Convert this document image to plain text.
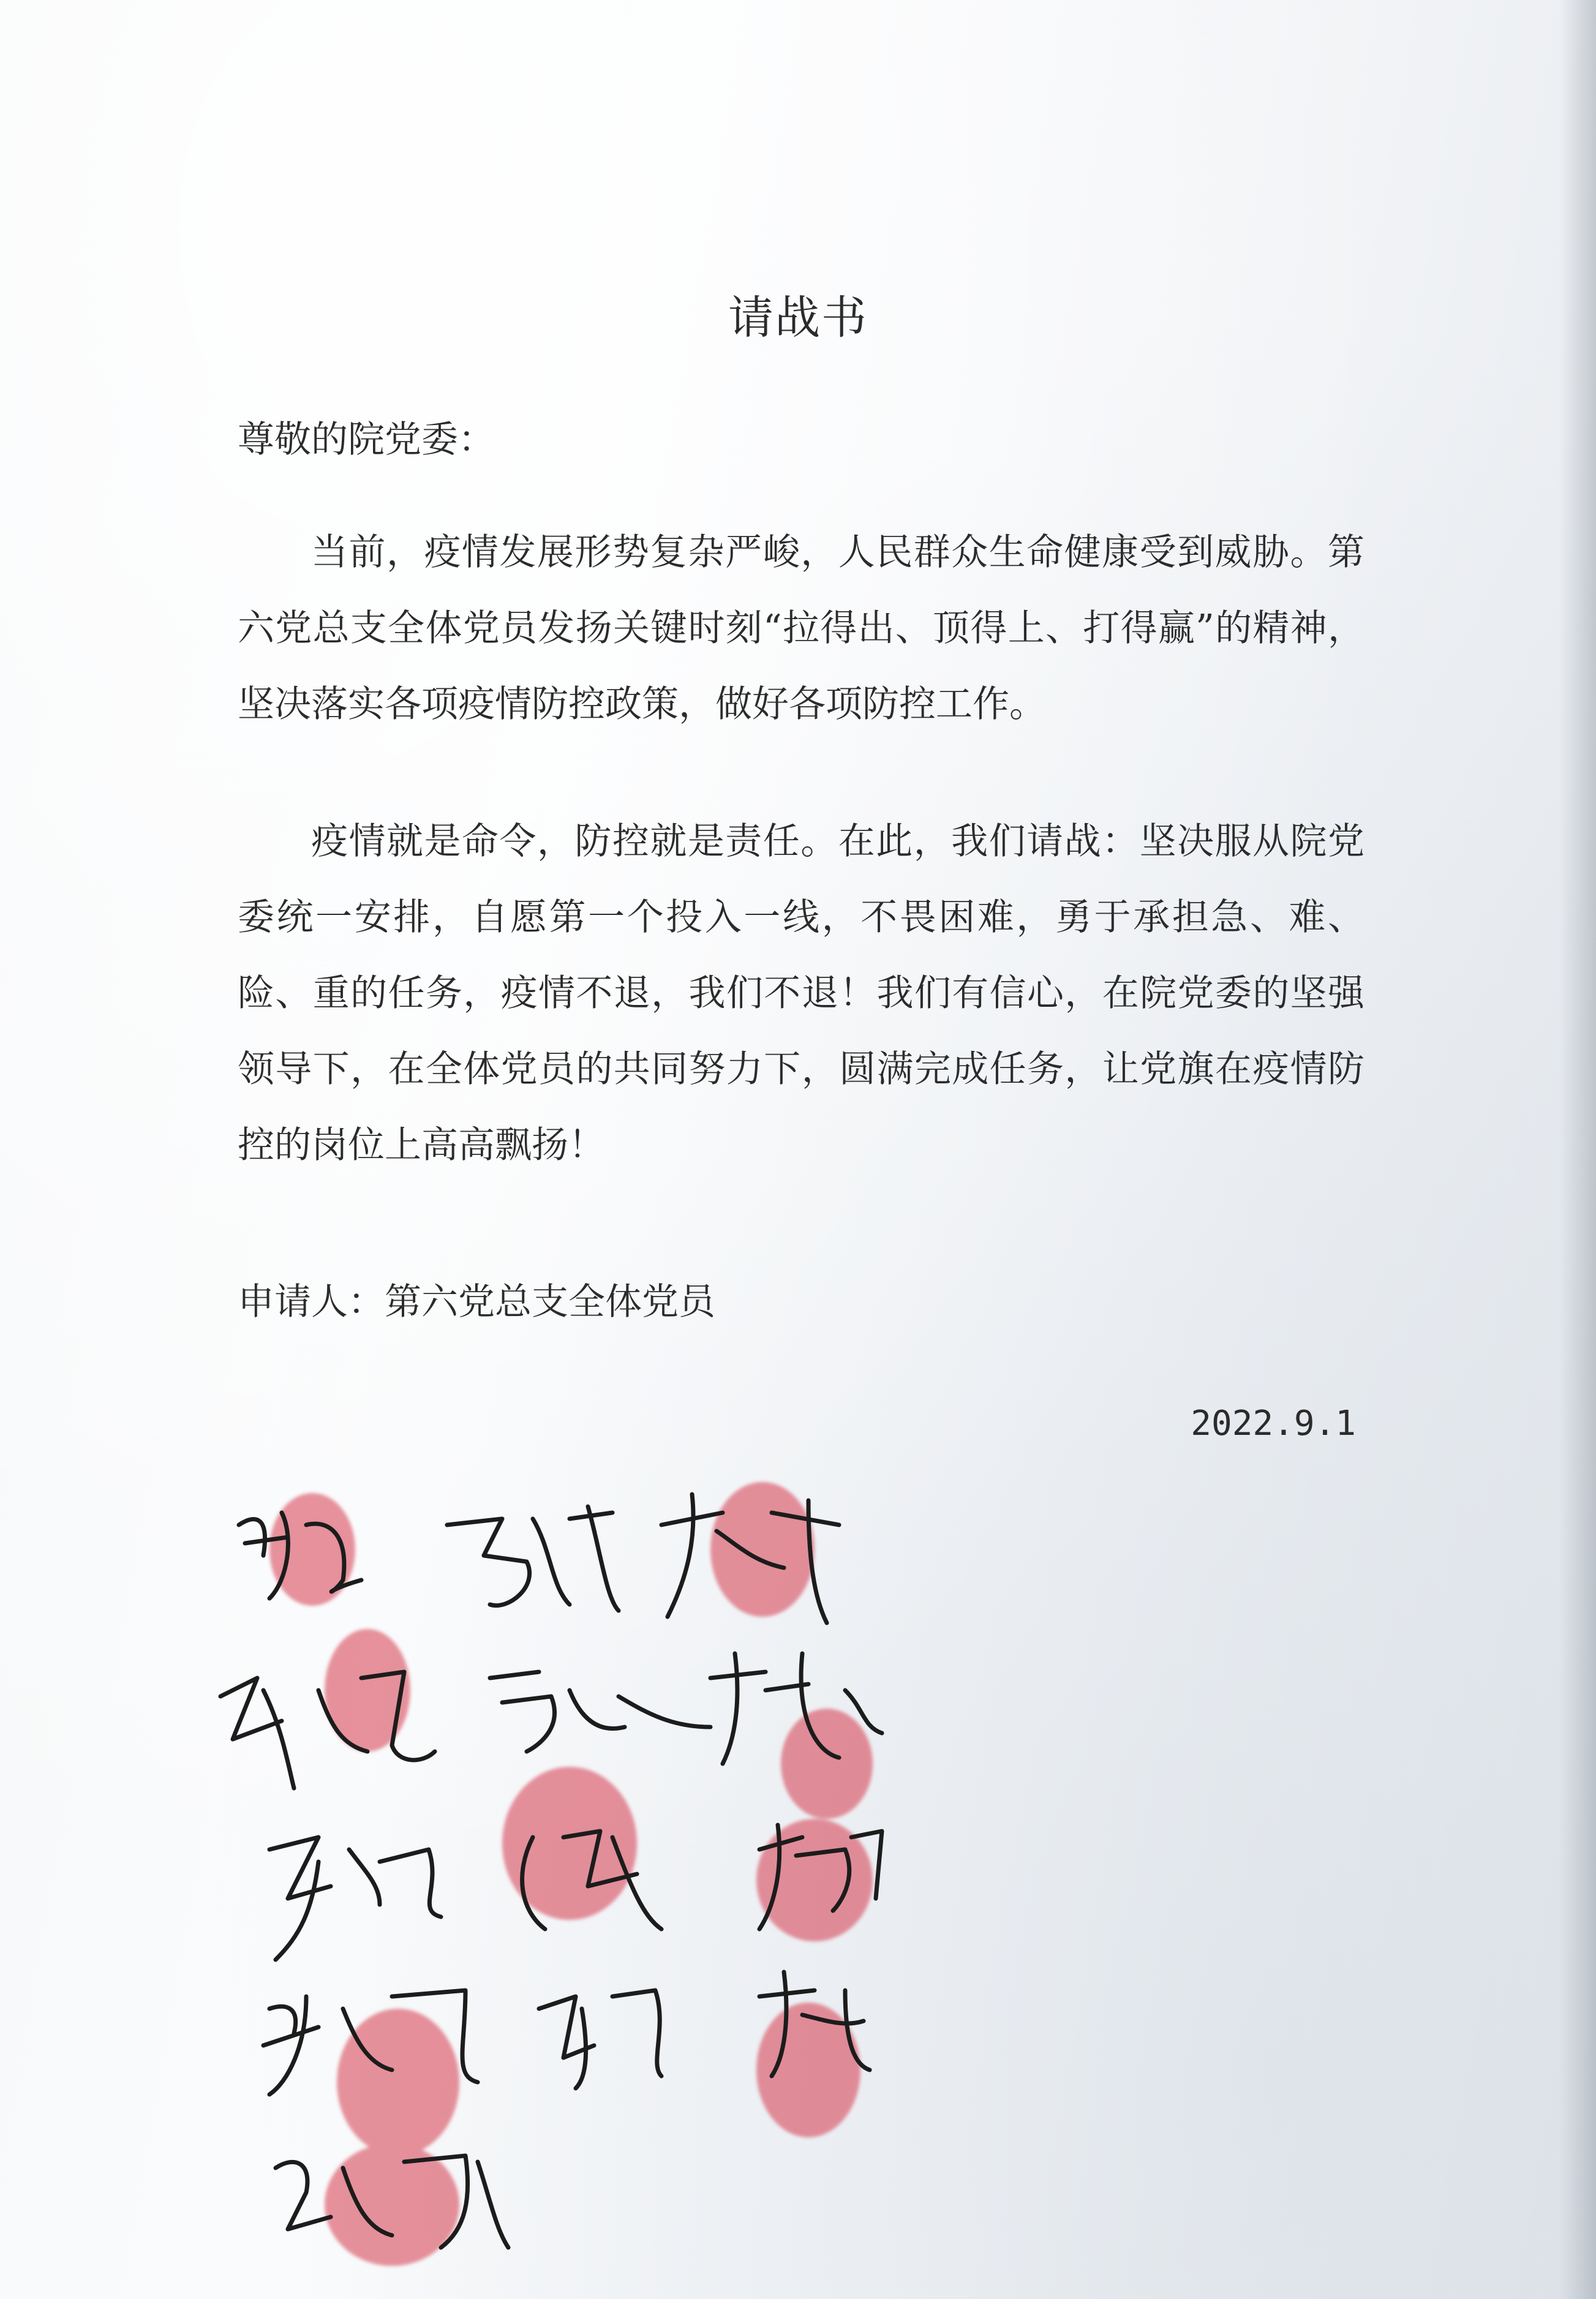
请战书
尊敬的院党委：
当前，疫情发展形势复杂严峻，人民群众生命健康受到威胁。第六党总支全体党员发扬关键时刻“拉得出、顶得上、打得赢”的精神，坚决落实各项疫情防控政策，做好各项防控工作。
疫情就是命令，防控就是责任。在此，我们请战：坚决服从院党委统一安排，自愿第一个投入一线，不畏困难，勇于承担急、难、险、重的任务，疫情不退，我们不退！我们有信心，在院党委的坚强领导下，在全体党员的共同努力下，圆满完成任务，让党旗在疫情防控的岗位上高高飘扬！
申请人：第六党总支全体党员
2022.9.1
